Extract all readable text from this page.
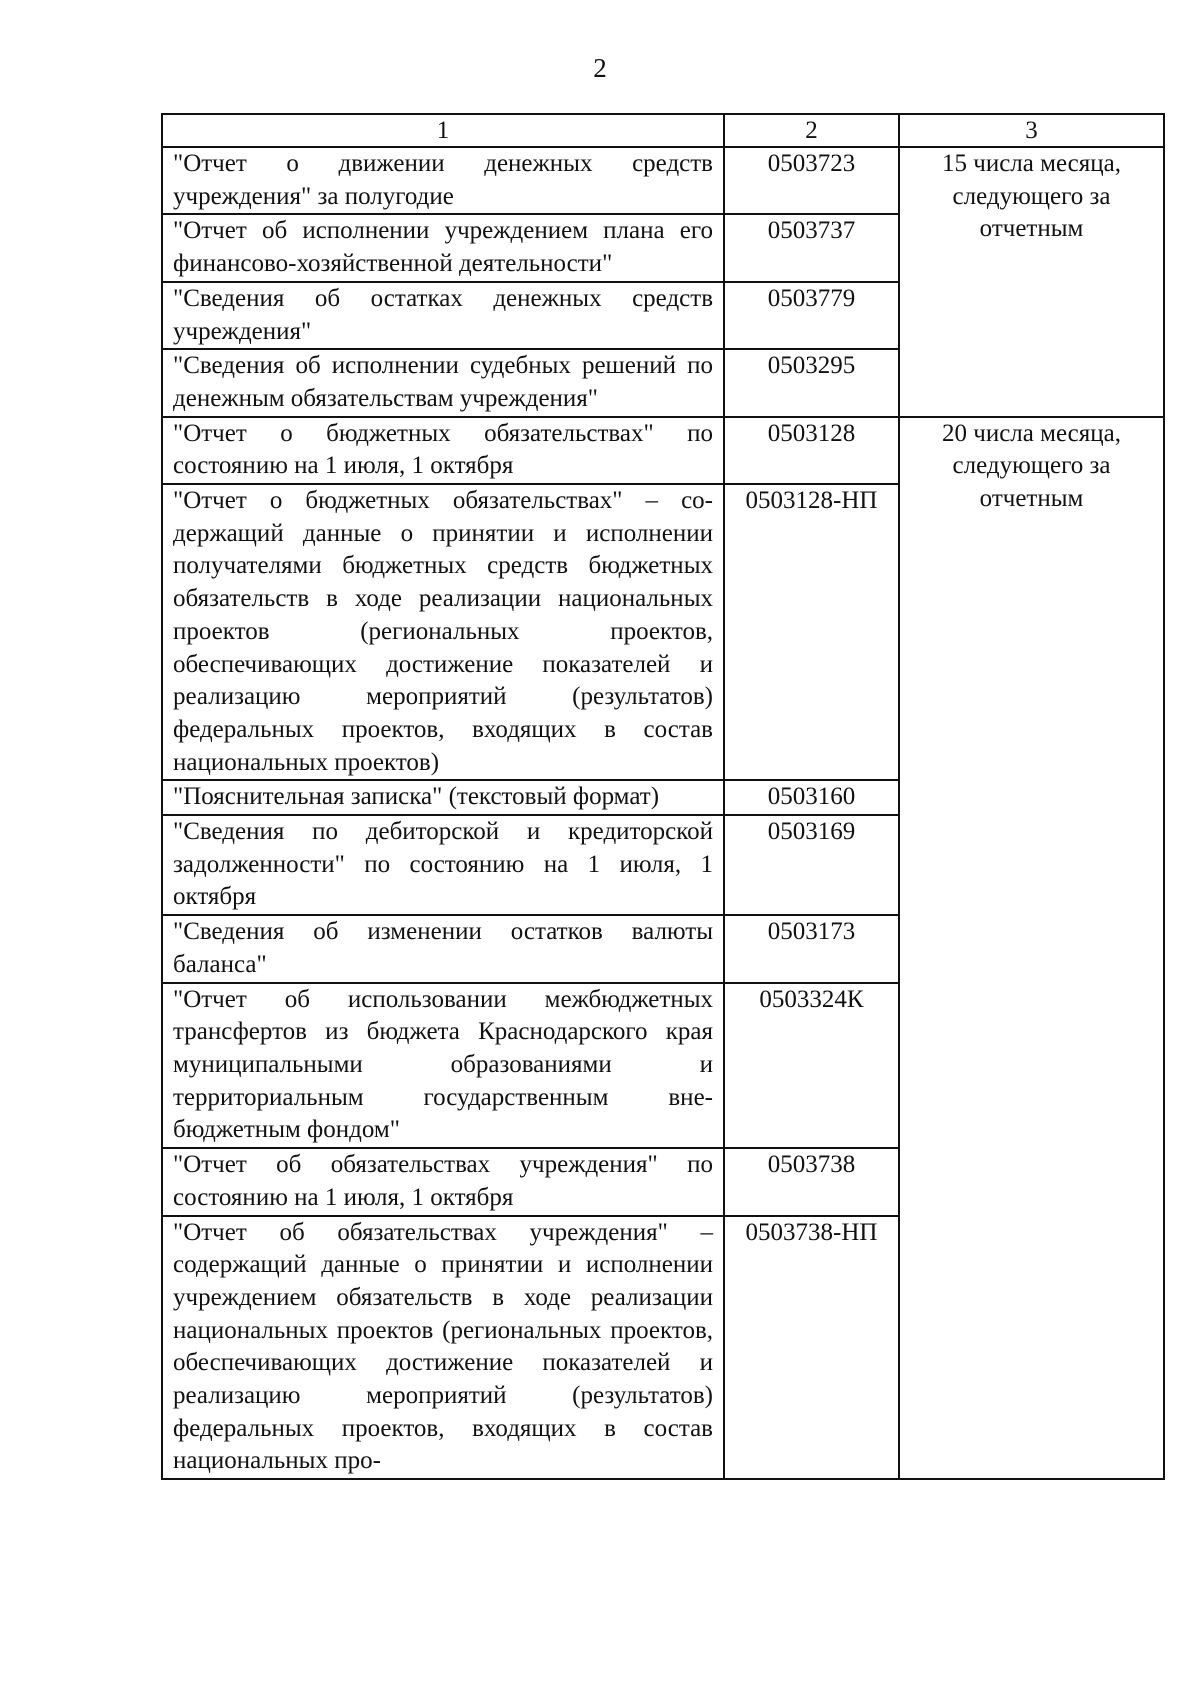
2
1	2	3
"Отчет о движении денежных средств учреждения" за полугодие	0503723	15 числа месяца, следующего за отчетным
"Отчет об исполнении учреждением плана его финансово-хозяйственной деятельности"	0503737	
"Сведения об остатках денежных средств учреждения"	0503779	
"Сведения об исполнении судебных решений по денежным обязательствам учреждения"	0503295	
"Отчет о бюджетных обязательствах" по состоянию на 1 июля, 1 октября	0503128	20 числа месяца, следующего за отчетным
"Отчет о бюджетных обязательствах" – содержащий данные о принятии и исполнении получателями бюджетных средств бюджетных обязательств в ходе реализации национальных проектов (региональных проектов, обеспечивающих достижение показателей и реализацию мероприятий (результатов) федеральных проектов, входящих в состав национальных проектов)	0503128-НП	
"Пояснительная записка" (текстовый формат)	0503160	
"Сведения по дебиторской и кредиторской задолженности" по состоянию на 1 июля, 1 октября	0503169	
"Сведения об изменении остатков валюты баланса"	0503173	
"Отчет об использовании межбюджетных трансфертов из бюджета Краснодарского края муниципальными образованиями и территориальным государственным внебюджетным фондом"	0503324К	
"Отчет об обязательствах учреждения" по состоянию на 1 июля, 1 октября	0503738	
"Отчет об обязательствах учреждения" – содержащий данные о принятии и исполнении учреждением обязательств в ходе реализации национальных проектов (региональных проектов, обеспечивающих достижение показателей и реализацию мероприятий (результатов) федеральных проектов, входящих в состав национальных про-	0503738-НП	
